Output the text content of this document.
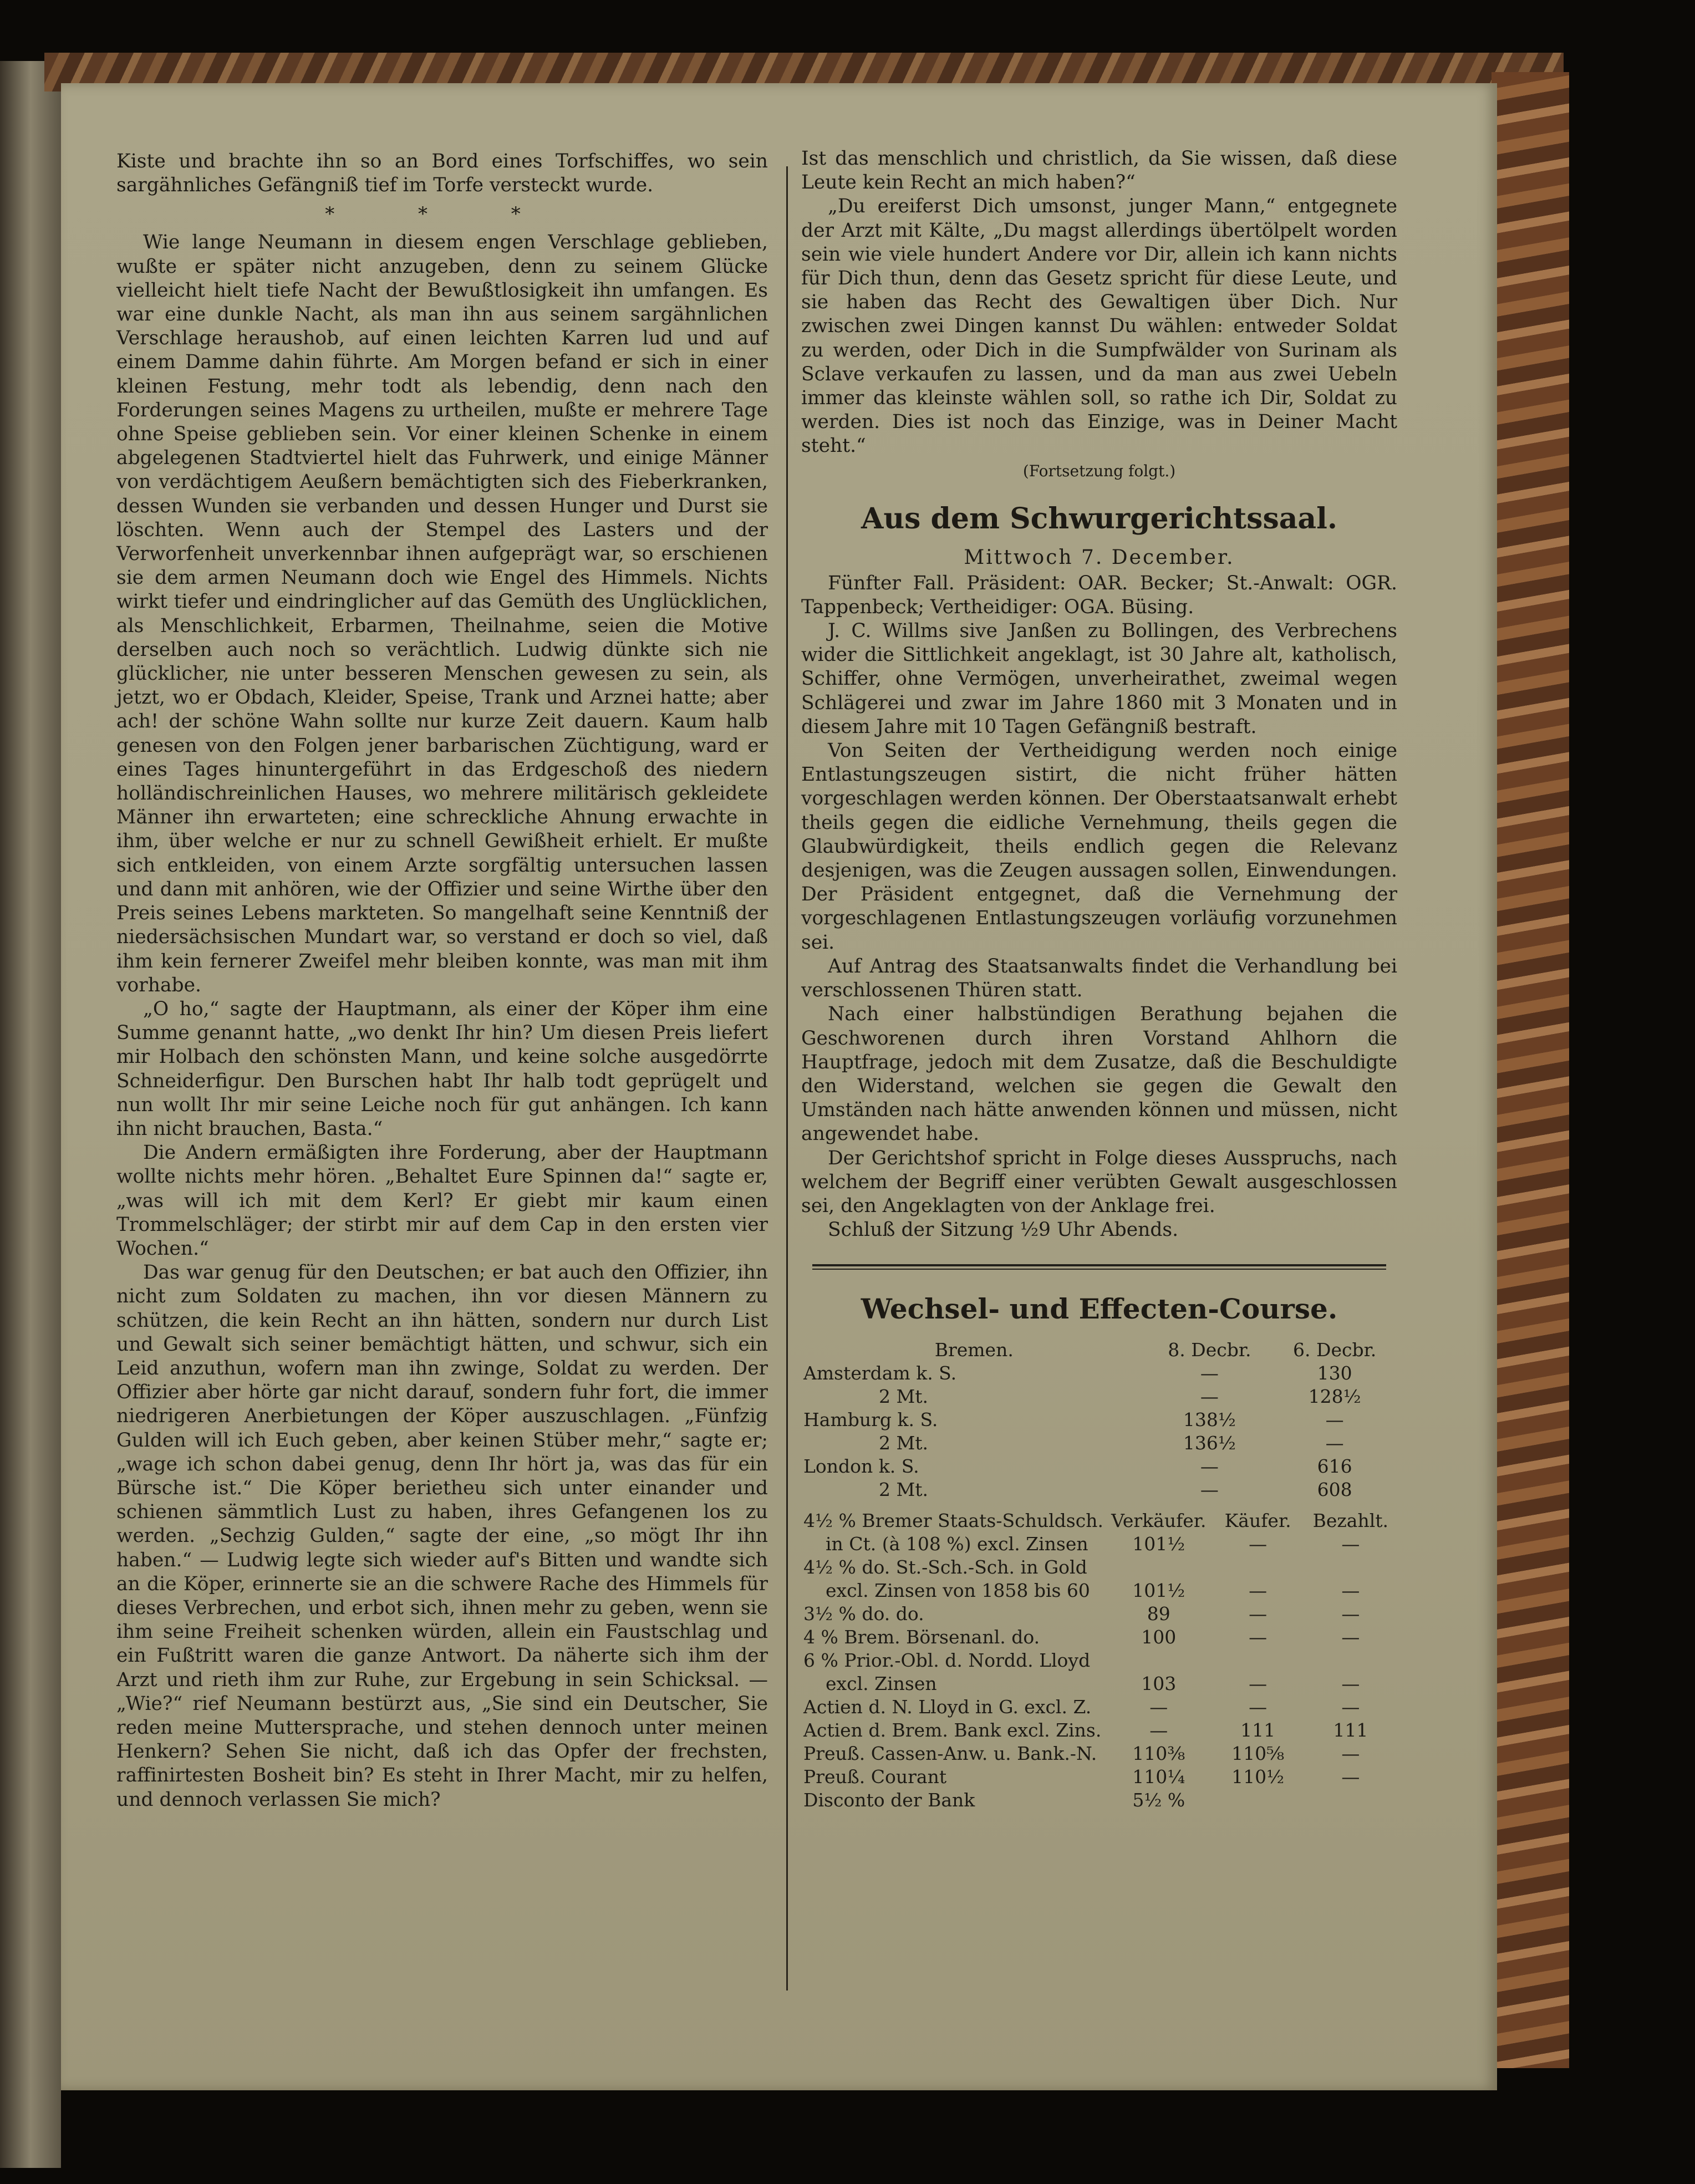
Kiste und brachte ihn so an Bord eines Torfschiffes, wo sein sargähnliches Gefängniß tief im Torfe versteckt wurde.

* * *

Wie lange Neumann in diesem engen Verschlage geblieben, wußte er später nicht anzugeben, denn zu seinem Glücke vielleicht hielt tiefe Nacht der Bewußtlosigkeit ihn umfangen. Es war eine dunkle Nacht, als man ihn aus seinem sargähnlichen Verschlage heraushob, auf einen leichten Karren lud und auf einem Damme dahin führte. Am Morgen befand er sich in einer kleinen Festung, mehr todt als lebendig, denn nach den Forderungen seines Magens zu urtheilen, mußte er mehrere Tage ohne Speise geblieben sein. Vor einer kleinen Schenke in einem abgelegenen Stadtviertel hielt das Fuhrwerk, und einige Männer von verdächtigem Aeußern bemächtigten sich des Fieberkranken, dessen Wunden sie verbanden und dessen Hunger und Durst sie löschten. Wenn auch der Stempel des Lasters und der Verworfenheit unverkennbar ihnen aufgeprägt war, so erschienen sie dem armen Neumann doch wie Engel des Himmels. Nichts wirkt tiefer und eindringlicher auf das Gemüth des Unglücklichen, als Menschlichkeit, Erbarmen, Theilnahme, seien die Motive derselben auch noch so verächtlich. Ludwig dünkte sich nie glücklicher, nie unter besseren Menschen gewesen zu sein, als jetzt, wo er Obdach, Kleider, Speise, Trank und Arznei hatte; aber ach! der schöne Wahn sollte nur kurze Zeit dauern. Kaum halb genesen von den Folgen jener barbarischen Züchtigung, ward er eines Tages hinuntergeführt in das Erdgeschoß des niedern holländischreinlichen Hauses, wo mehrere militärisch gekleidete Männer ihn erwarteten; eine schreckliche Ahnung erwachte in ihm, über welche er nur zu schnell Gewißheit erhielt. Er mußte sich entkleiden, von einem Arzte sorgfältig untersuchen lassen und dann mit anhören, wie der Offizier und seine Wirthe über den Preis seines Lebens markteten. So mangelhaft seine Kenntniß der niedersächsischen Mundart war, so verstand er doch so viel, daß ihm kein fernerer Zweifel mehr bleiben konnte, was man mit ihm vorhabe.

„O ho,“ sagte der Hauptmann, als einer der Köper ihm eine Summe genannt hatte, „wo denkt Ihr hin? Um diesen Preis liefert mir Holbach den schönsten Mann, und keine solche ausgedörrte Schneiderfigur. Den Burschen habt Ihr halb todt geprügelt und nun wollt Ihr mir seine Leiche noch für gut anhängen. Ich kann ihn nicht brauchen, Basta.“

Die Andern ermäßigten ihre Forderung, aber der Hauptmann wollte nichts mehr hören. „Behaltet Eure Spinnen da!“ sagte er, „was will ich mit dem Kerl? Er giebt mir kaum einen Trommelschläger; der stirbt mir auf dem Cap in den ersten vier Wochen.“

Das war genug für den Deutschen; er bat auch den Offizier, ihn nicht zum Soldaten zu machen, ihn vor diesen Männern zu schützen, die kein Recht an ihn hätten, sondern nur durch List und Gewalt sich seiner bemächtigt hätten, und schwur, sich ein Leid anzuthun, wofern man ihn zwinge, Soldat zu werden. Der Offizier aber hörte gar nicht darauf, sondern fuhr fort, die immer niedrigeren Anerbietungen der Köper auszuschlagen. „Fünfzig Gulden will ich Euch geben, aber keinen Stüber mehr,“ sagte er; „wage ich schon dabei genug, denn Ihr hört ja, was das für ein Bürsche ist.“ Die Köper berietheu sich unter einander und schienen sämmtlich Lust zu haben, ihres Gefangenen los zu werden. „Sechzig Gulden,“ sagte der eine, „so mögt Ihr ihn haben.“ — Ludwig legte sich wieder auf's Bitten und wandte sich an die Köper, erinnerte sie an die schwere Rache des Himmels für dieses Verbrechen, und erbot sich, ihnen mehr zu geben, wenn sie ihm seine Freiheit schenken würden, allein ein Faustschlag und ein Fußtritt waren die ganze Antwort. Da näherte sich ihm der Arzt und rieth ihm zur Ruhe, zur Ergebung in sein Schicksal. — „Wie?“ rief Neumann bestürzt aus, „Sie sind ein Deutscher, Sie reden meine Muttersprache, und stehen dennoch unter meinen Henkern? Sehen Sie nicht, daß ich das Opfer der frechsten, raffinirtesten Bosheit bin? Es steht in Ihrer Macht, mir zu helfen, und dennoch verlassen Sie mich?

Ist das menschlich und christlich, da Sie wissen, daß diese Leute kein Recht an mich haben?“

„Du ereiferst Dich umsonst, junger Mann,“ entgegnete der Arzt mit Kälte, „Du magst allerdings übertölpelt worden sein wie viele hundert Andere vor Dir, allein ich kann nichts für Dich thun, denn das Gesetz spricht für diese Leute, und sie haben das Recht des Gewaltigen über Dich. Nur zwischen zwei Dingen kannst Du wählen: entweder Soldat zu werden, oder Dich in die Sumpfwälder von Surinam als Sclave verkaufen zu lassen, und da man aus zwei Uebeln immer das kleinste wählen soll, so rathe ich Dir, Soldat zu werden. Dies ist noch das Einzige, was in Deiner Macht steht.“

(Fortsetzung folgt.)
Aus dem Schwurgerichtssaal.
Mittwoch 7. December.

Fünfter Fall. Präsident: OAR. Becker; St.-Anwalt: OGR. Tappenbeck; Vertheidiger: OGA. Büsing.

J. C. Willms sive Janßen zu Bollingen, des Verbrechens wider die Sittlichkeit angeklagt, ist 30 Jahre alt, katholisch, Schiffer, ohne Vermögen, unverheirathet, zweimal wegen Schlägerei und zwar im Jahre 1860 mit 3 Monaten und in diesem Jahre mit 10 Tagen Gefängniß bestraft.

Von Seiten der Vertheidigung werden noch einige Entlastungszeugen sistirt, die nicht früher hätten vorgeschlagen werden können. Der Oberstaatsanwalt erhebt theils gegen die eidliche Vernehmung, theils gegen die Glaubwürdigkeit, theils endlich gegen die Relevanz desjenigen, was die Zeugen aussagen sollen, Einwendungen. Der Präsident entgegnet, daß die Vernehmung der vorgeschlagenen Entlastungszeugen vorläufig vorzunehmen sei.

Auf Antrag des Staatsanwalts findet die Verhandlung bei verschlossenen Thüren statt.

Nach einer halbstündigen Berathung bejahen die Geschworenen durch ihren Vorstand Ahlhorn die Hauptfrage, jedoch mit dem Zusatze, daß die Beschuldigte den Widerstand, welchen sie gegen die Gewalt den Umständen nach hätte anwenden können und müssen, nicht angewendet habe.

Der Gerichtshof spricht in Folge dieses Ausspruchs, nach welchem der Begriff einer verübten Gewalt ausgeschlossen sei, den Angeklagten von der Anklage frei.

Schluß der Sitzung ½9 Uhr Abends.

Wechsel- und Effecten-Course.
Bremen.	8. Decbr.	6. Decbr.
Amsterdam k. S.	—	130
2 Mt.	—	128½
Hamburg k. S.	138½	—
2 Mt.	136½	—
London k. S.	—	616
2 Mt.	—	608
4½ % Bremer Staats-Schuldsch.	Verkäufer.	Käufer.	Bezahlt.
in Ct. (à 108 %) excl. Zinsen	101½	—	—
4½ % do. St.-Sch.-Sch. in Gold			
excl. Zinsen von 1858 bis 60	101½	—	—
3½ % do. do.	89	—	—
4 % Brem. Börsenanl. do.	100	—	—
6 % Prior.-Obl. d. Nordd. Lloyd			
excl. Zinsen	103	—	—
Actien d. N. Lloyd in G. excl. Z.	—	—	—
Actien d. Brem. Bank excl. Zins.	—	111	111
Preuß. Cassen-Anw. u. Bank.-N.	110⅜	110⅝	—
Preuß. Courant	110¼	110½	—
Disconto der Bank	5½ %		
